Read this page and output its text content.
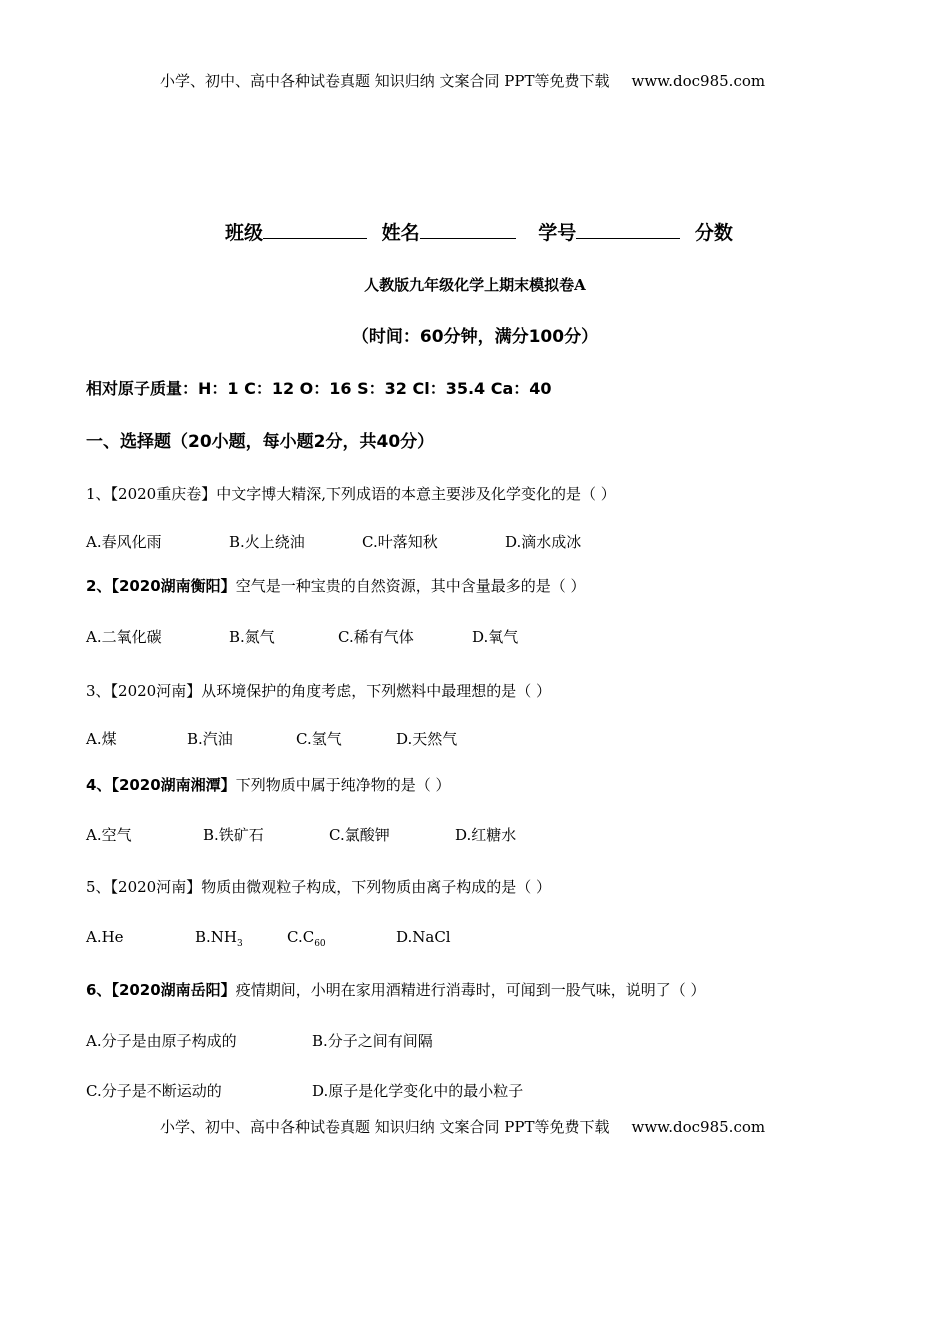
小学、初中、高中各种试卷真题 知识归纳 文案合同 PPT等免费下载 www.doc985.com
班级	姓名	学号	分数
人教版九年级化学上期末模拟卷A
（时间：60分钟，满分100分）
相对原子质量：H：1 C：12 O：16 S：32 Cl：35.4 Ca：40
一、选择题（20小题，每小题2分，共40分）
1、【2020重庆卷】中文字博大精深,下列成语的本意主要涉及化学变化的是（ ）
A.春风化雨	B.火上绕油	C.叶落知秋	D.滴水成冰
2、【2020湖南衡阳】空气是一种宝贵的自然资源，其中含量最多的是（ ）
A.二氧化碳	B.氮气	C.稀有气体	D.氧气
3、【2020河南】从环境保护的角度考虑，下列燃料中最理想的是（ ）
A.煤	B.汽油	C.氢气	D.天然气
4、【2020湖南湘潭】下列物质中属于纯净物的是（ ）
A.空气	B.铁矿石	C.氯酸钾	D.红糖水
5、【2020河南】物质由微观粒子构成，下列物质由离子构成的是（ ）
A.He	$B.NH_3$	$C.C_{60}$	D.NaCl
6、【2020湖南岳阳】疫情期间，小明在家用酒精进行消毒时，可闻到一股气味，说明了（ ）
A.分子是由原子构成的	B.分子之间有间隔
C.分子是不断运动的	D.原子是化学变化中的最小粒子
小学、初中、高中各种试卷真题 知识归纳 文案合同 PPT等免费下载 www.doc985.com
